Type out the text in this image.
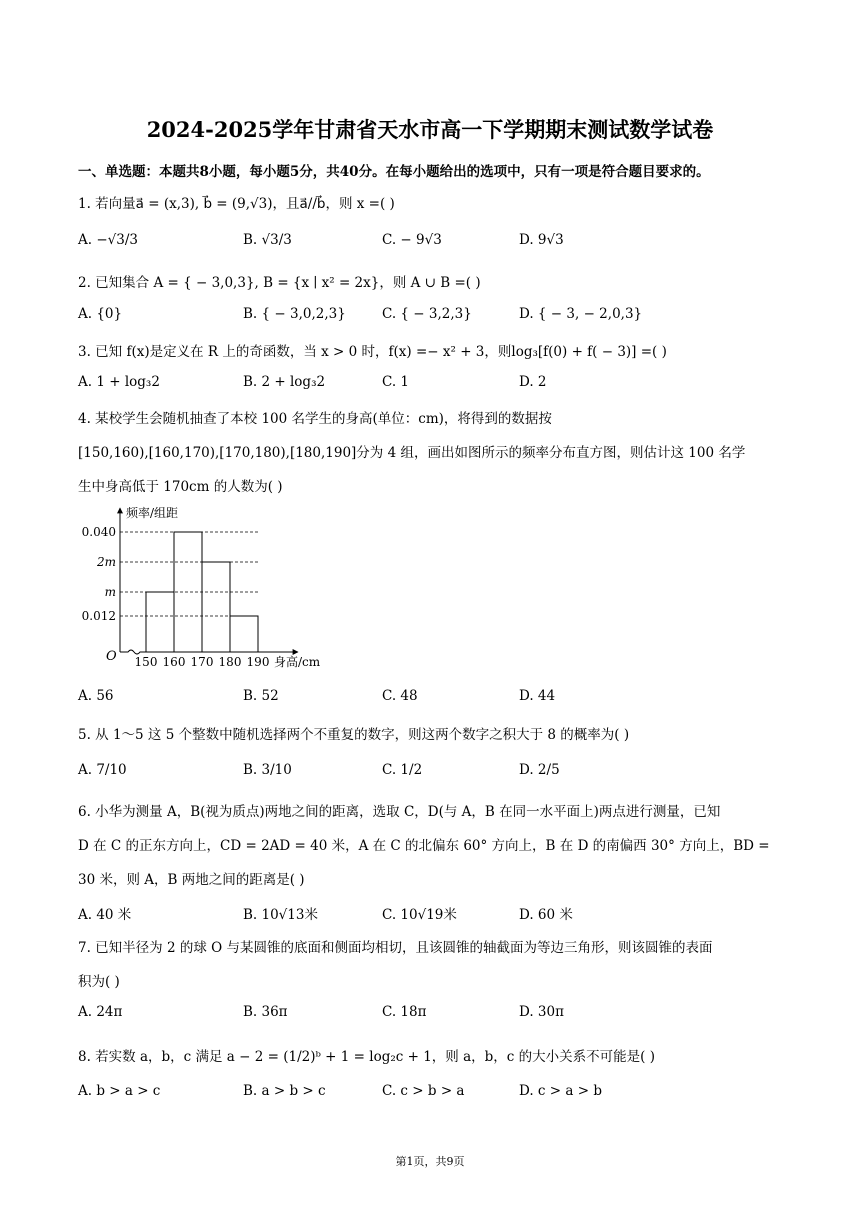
2024-2025学年甘肃省天水市高一下学期期末测试数学试卷
一、单选题：本题共8小题，每小题5分，共40分。在每小题给出的选项中，只有一项是符合题目要求的。
1. 若向量a⃗ = (x,3), b⃗ = (9,√3)，且a⃗//b⃗，则 x =( )
A. −√3/3	B. √3/3	C. − 9√3	D. 9√3
2. 已知集合 A = { − 3,0,3}, B = {x ∣ x² = 2x}，则 A ∪ B =( )
A. {0}	B. { − 3,0,2,3}	C. { − 3,2,3}	D. { − 3, − 2,0,3}
3. 已知 f(x)是定义在 R 上的奇函数，当 x > 0 时，f(x) =− x² + 3，则log₃[f(0) + f( − 3)] =( )
A. 1 + log₃2	B. 2 + log₃2	C. 1	D. 2
4. 某校学生会随机抽查了本校 100 名学生的身高(单位：cm)，将得到的数据按
[150,160),[160,170),[170,180),[180,190]分为 4 组，画出如图所示的频率分布直方图，则估计这 100 名学
生中身高低于 170cm 的人数为( )
0.040
2m
m
0.012
150 160 170 180 190
频率/组距
身高/cm
O
A. 56	B. 52	C. 48	D. 44
5. 从 1～5 这 5 个整数中随机选择两个不重复的数字，则这两个数字之积大于 8 的概率为( )
A. 7/10	B. 3/10	C. 1/2	D. 2/5
6. 小华为测量 A，B(视为质点)两地之间的距离，选取 C，D(与 A，B 在同一水平面上)两点进行测量，已知
D 在 C 的正东方向上，CD = 2AD = 40 米，A 在 C 的北偏东 60° 方向上，B 在 D 的南偏西 30° 方向上，BD =
30 米，则 A，B 两地之间的距离是( )
A. 40 米	B. 10√13米	C. 10√19米	D. 60 米
7. 已知半径为 2 的球 O 与某圆锥的底面和侧面均相切，且该圆锥的轴截面为等边三角形，则该圆锥的表面
积为( )
A. 24π	B. 36π	C. 18π	D. 30π
8. 若实数 a，b，c 满足 a − 2 = (1/2)ᵇ + 1 = log₂c + 1，则 a，b，c 的大小关系不可能是( )
A. b > a > c	B. a > b > c	C. c > b > a	D. c > a > b
第1页，共9页
